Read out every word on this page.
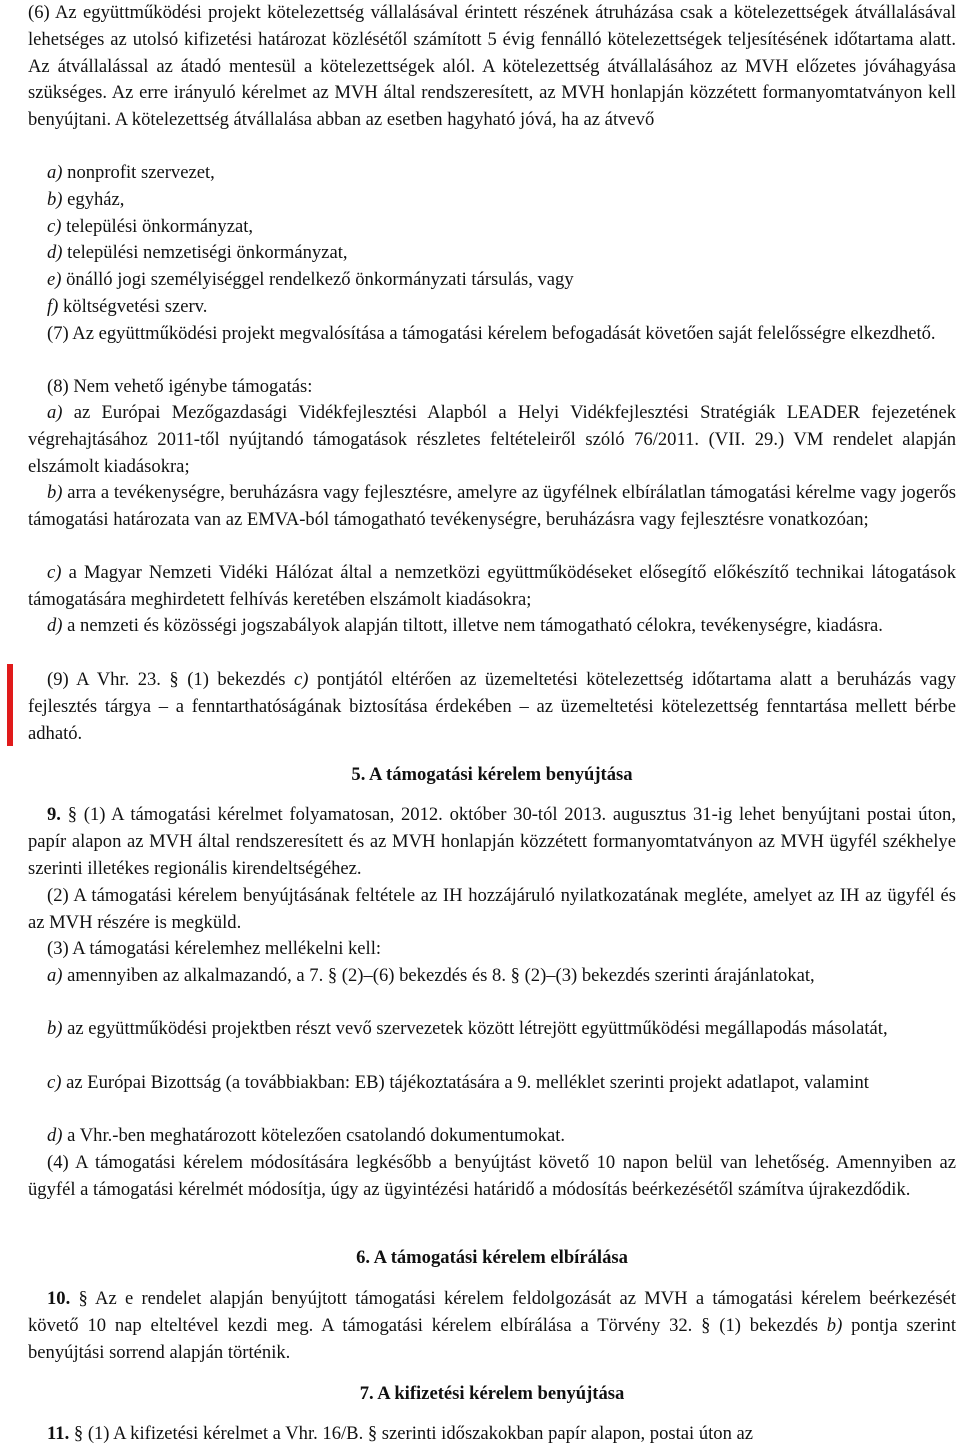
(6) Az együttműködési projekt kötelezettség vállalásával érintett részének átruházása csak a kötelezettségek átvállalásával lehetséges az utolsó kifizetési határozat közlésétől számított 5 évig fennálló kötelezettségek teljesítésének időtartama alatt. Az átvállalással az átadó mentesül a kötelezettségek alól. A kötelezettség átvállalásához az MVH előzetes jóváhagyása szükséges. Az erre irányuló kérelmet az MVH által rendszeresített, az MVH honlapján közzétett formanyomtatványon kell benyújtani. A kötelezettség átvállalása abban az esetben hagyható jóvá, ha az átvevő

a) nonprofit szervezet,

b) egyház,

c) települési önkormányzat,

d) települési nemzetiségi önkormányzat,

e) önálló jogi személyiséggel rendelkező önkormányzati társulás, vagy

f) költségvetési szerv.

(7) Az együttműködési projekt megvalósítása a támogatási kérelem befogadását követően saját felelősségre elkezdhető.

(8) Nem vehető igénybe támogatás:

a) az Európai Mezőgazdasági Vidékfejlesztési Alapból a Helyi Vidékfejlesztési Stratégiák LEADER fejezetének végrehajtásához 2011-től nyújtandó támogatások részletes feltételeiről szóló 76/2011. (VII. 29.) VM rendelet alapján elszámolt kiadásokra;

b) arra a tevékenységre, beruházásra vagy fejlesztésre, amelyre az ügyfélnek elbírálatlan támogatási kérelme vagy jogerős támogatási határozata van az EMVA-ból támogatható tevékenységre, beruházásra vagy fejlesztésre vonatkozóan;

c) a Magyar Nemzeti Vidéki Hálózat által a nemzetközi együttműködéseket elősegítő előkészítő technikai látogatások támogatására meghirdetett felhívás keretében elszámolt kiadásokra;

d) a nemzeti és közösségi jogszabályok alapján tiltott, illetve nem támogatható célokra, tevékenységre, kiadásra.

(9) A Vhr. 23. § (1) bekezdés c) pontjától eltérően az üzemeltetési kötelezettség időtartama alatt a beruházás vagy fejlesztés tárgya – a fenntarthatóságának biztosítása érdekében – az üzemeltetési kötelezettség fenntartása mellett bérbe adható.

5. A támogatási kérelem benyújtása

9. § (1) A támogatási kérelmet folyamatosan, 2012. október 30-tól 2013. augusztus 31-ig lehet benyújtani postai úton, papír alapon az MVH által rendszeresített és az MVH honlapján közzétett formanyomtatványon az MVH ügyfél székhelye szerinti illetékes regionális kirendeltségéhez.

(2) A támogatási kérelem benyújtásának feltétele az IH hozzájáruló nyilatkozatának megléte, amelyet az IH az ügyfél és az MVH részére is megküld.

(3) A támogatási kérelemhez mellékelni kell:

a) amennyiben az alkalmazandó, a 7. § (2)–(6) bekezdés és 8. § (2)–(3) bekezdés szerinti árajánlatokat,

b) az együttműködési projektben részt vevő szervezetek között létrejött együttműködési megállapodás másolatát,

c) az Európai Bizottság (a továbbiakban: EB) tájékoztatására a 9. melléklet szerinti projekt adatlapot, valamint

d) a Vhr.-ben meghatározott kötelezően csatolandó dokumentumokat.

(4) A támogatási kérelem módosítására legkésőbb a benyújtást követő 10 napon belül van lehetőség. Amennyiben az ügyfél a támogatási kérelmét módosítja, úgy az ügyintézési határidő a módosítás beérkezésétől számítva újrakezdődik.

6. A támogatási kérelem elbírálása

10. § Az e rendelet alapján benyújtott támogatási kérelem feldolgozását az MVH a támogatási kérelem beérkezését követő 10 nap elteltével kezdi meg. A támogatási kérelem elbírálása a Törvény 32. § (1) bekezdés b) pontja szerint benyújtási sorrend alapján történik.

7. A kifizetési kérelem benyújtása

11. § (1) A kifizetési kérelmet a Vhr. 16/B. § szerinti időszakokban papír alapon, postai úton az
